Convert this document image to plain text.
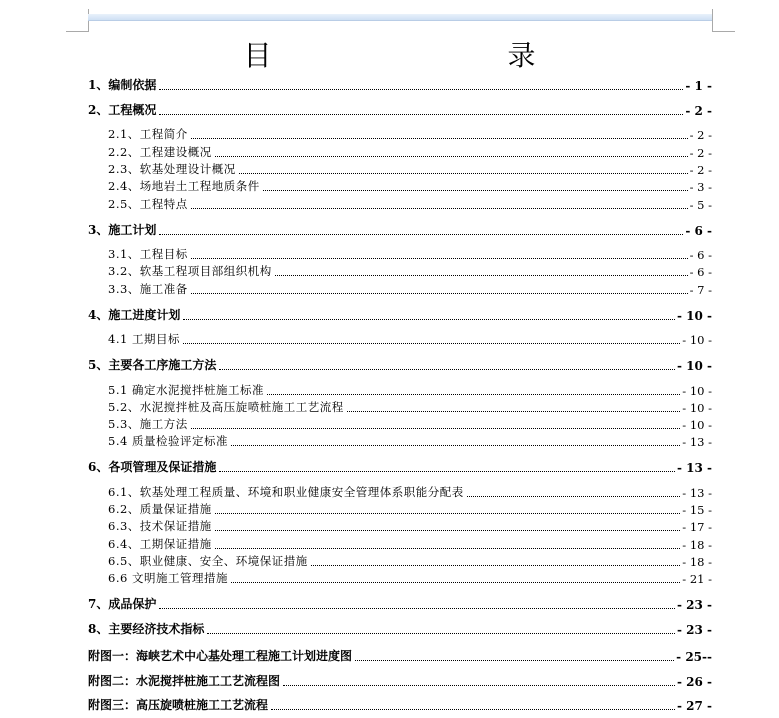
目　　录
1、编制依据	- 1 -
2、工程概况	- 2 -
2.1、工程简介	- 2 -
2.2、工程建设概况	- 2 -
2.3、软基处理设计概况	- 2 -
2.4、场地岩土工程地质条件	- 3 -
2.5、工程特点	- 5 -
3、施工计划	- 6 -
3.1、工程目标	- 6 -
3.2、软基工程项目部组织机构	- 6 -
3.3、施工准备	- 7 -
4、施工进度计划	- 10 -
4.1 工期目标	- 10 -
5、主要各工序施工方法	- 10 -
5.1 确定水泥搅拌桩施工标准	- 10 -
5.2、水泥搅拌桩及高压旋喷桩施工工艺流程	- 10 -
5.3、施工方法	- 10 -
5.4 质量检验评定标准	- 13 -
6、各项管理及保证措施	- 13 -
6.1、软基处理工程质量、环境和职业健康安全管理体系职能分配表	- 13 -
6.2、质量保证措施	- 15 -
6.3、技术保证措施	- 17 -
6.4、工期保证措施	- 18 -
6.5、职业健康、安全、环境保证措施	- 18 -
6.6 文明施工管理措施	- 21 -
7、成品保护	- 23 -
8、主要经济技术指标	- 23 -
附图一：海峡艺术中心基处理工程施工计划进度图	- 25--
附图二：水泥搅拌桩施工工艺流程图	- 26 -
附图三：高压旋喷桩施工工艺流程	- 27 -
